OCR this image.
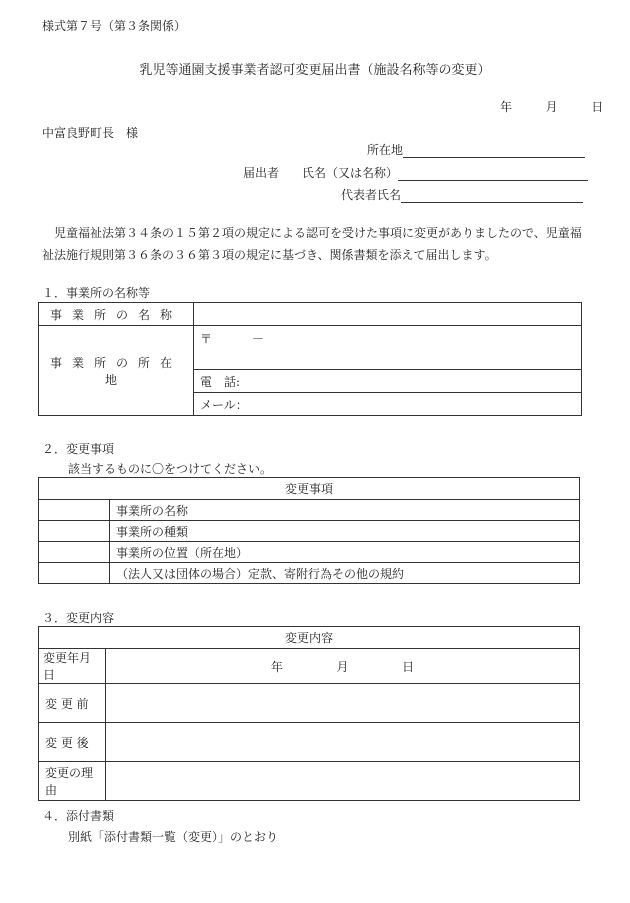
様式第７号（第３条関係）
乳児等通園支援事業者認可変更届出書（施設名称等の変更）
年	月	日
中富良野町長　様
所在地
届出者 氏名（又は名称）
代表者氏名
児童福祉法第３４条の１５第２項の規定による認可を受けた事項に変更がありましたので、児童福祉法施行規則第３６条の３６第３項の規定に基づき、関係書類を添えて届出します。
１．事業所の名称等
事業所の名称	
事業所の所在地	〒 －

	電　話:
	メール：
２．変更事項
該当するものに〇をつけてください。
変更事項	
	事業所の名称
	事業所の種類
	事業所の位置（所在地）
	（法人又は団体の場合）定款、寄附行為その他の規約
３．変更内容
変更内容	
変更年月日	年 月 日
変 更 前	
変 更 後	
変更の理由	
４．添付書類
別紙「添付書類一覧（変更）」のとおり
